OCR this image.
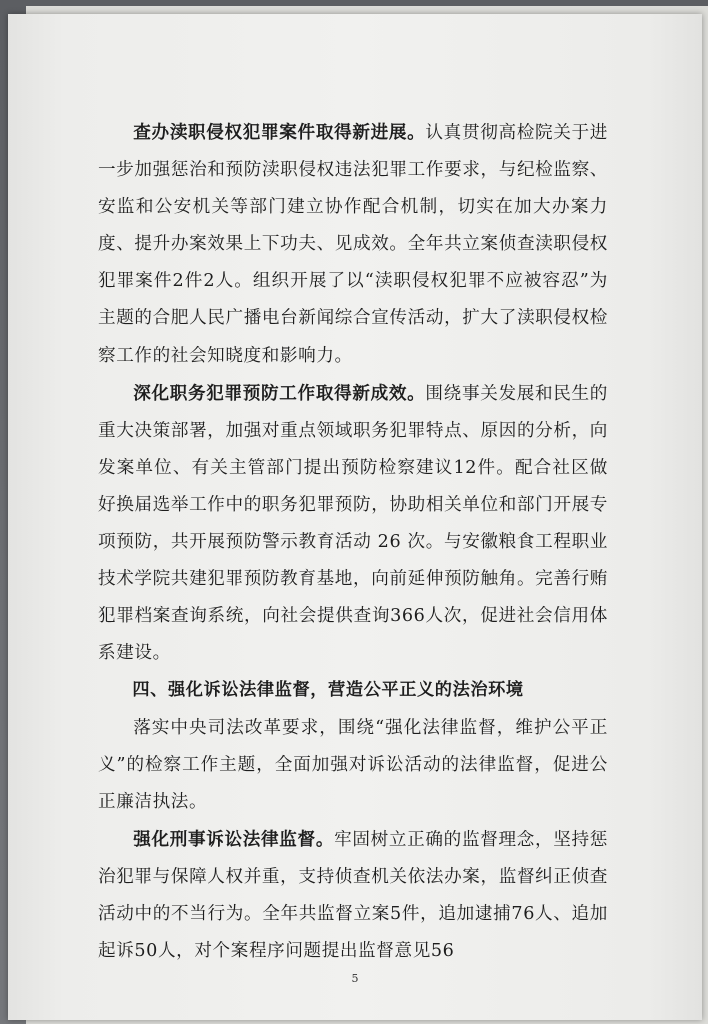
查办渎职侵权犯罪案件取得新进展。认真贯彻高检院关于进一步加强惩治和预防渎职侵权违法犯罪工作要求，与纪检监察、安监和公安机关等部门建立协作配合机制，切实在加大办案力度、提升办案效果上下功夫、见成效。全年共立案侦查渎职侵权犯罪案件2件2人。组织开展了以“渎职侵权犯罪不应被容忍”为主题的合肥人民广播电台新闻综合宣传活动，扩大了渎职侵权检察工作的社会知晓度和影响力。

深化职务犯罪预防工作取得新成效。围绕事关发展和民生的重大决策部署，加强对重点领域职务犯罪特点、原因的分析，向发案单位、有关主管部门提出预防检察建议12件。配合社区做好换届选举工作中的职务犯罪预防，协助相关单位和部门开展专项预防，共开展预防警示教育活动 26 次。与安徽粮食工程职业技术学院共建犯罪预防教育基地，向前延伸预防触角。完善行贿犯罪档案查询系统，向社会提供查询366人次，促进社会信用体系建设。

四、强化诉讼法律监督，营造公平正义的法治环境

落实中央司法改革要求，围绕“强化法律监督，维护公平正义”的检察工作主题，全面加强对诉讼活动的法律监督，促进公正廉洁执法。

强化刑事诉讼法律监督。牢固树立正确的监督理念，坚持惩治犯罪与保障人权并重，支持侦查机关依法办案，监督纠正侦查活动中的不当行为。全年共监督立案5件，追加逮捕76人、追加起诉50人，对个案程序问题提出监督意见56

5
